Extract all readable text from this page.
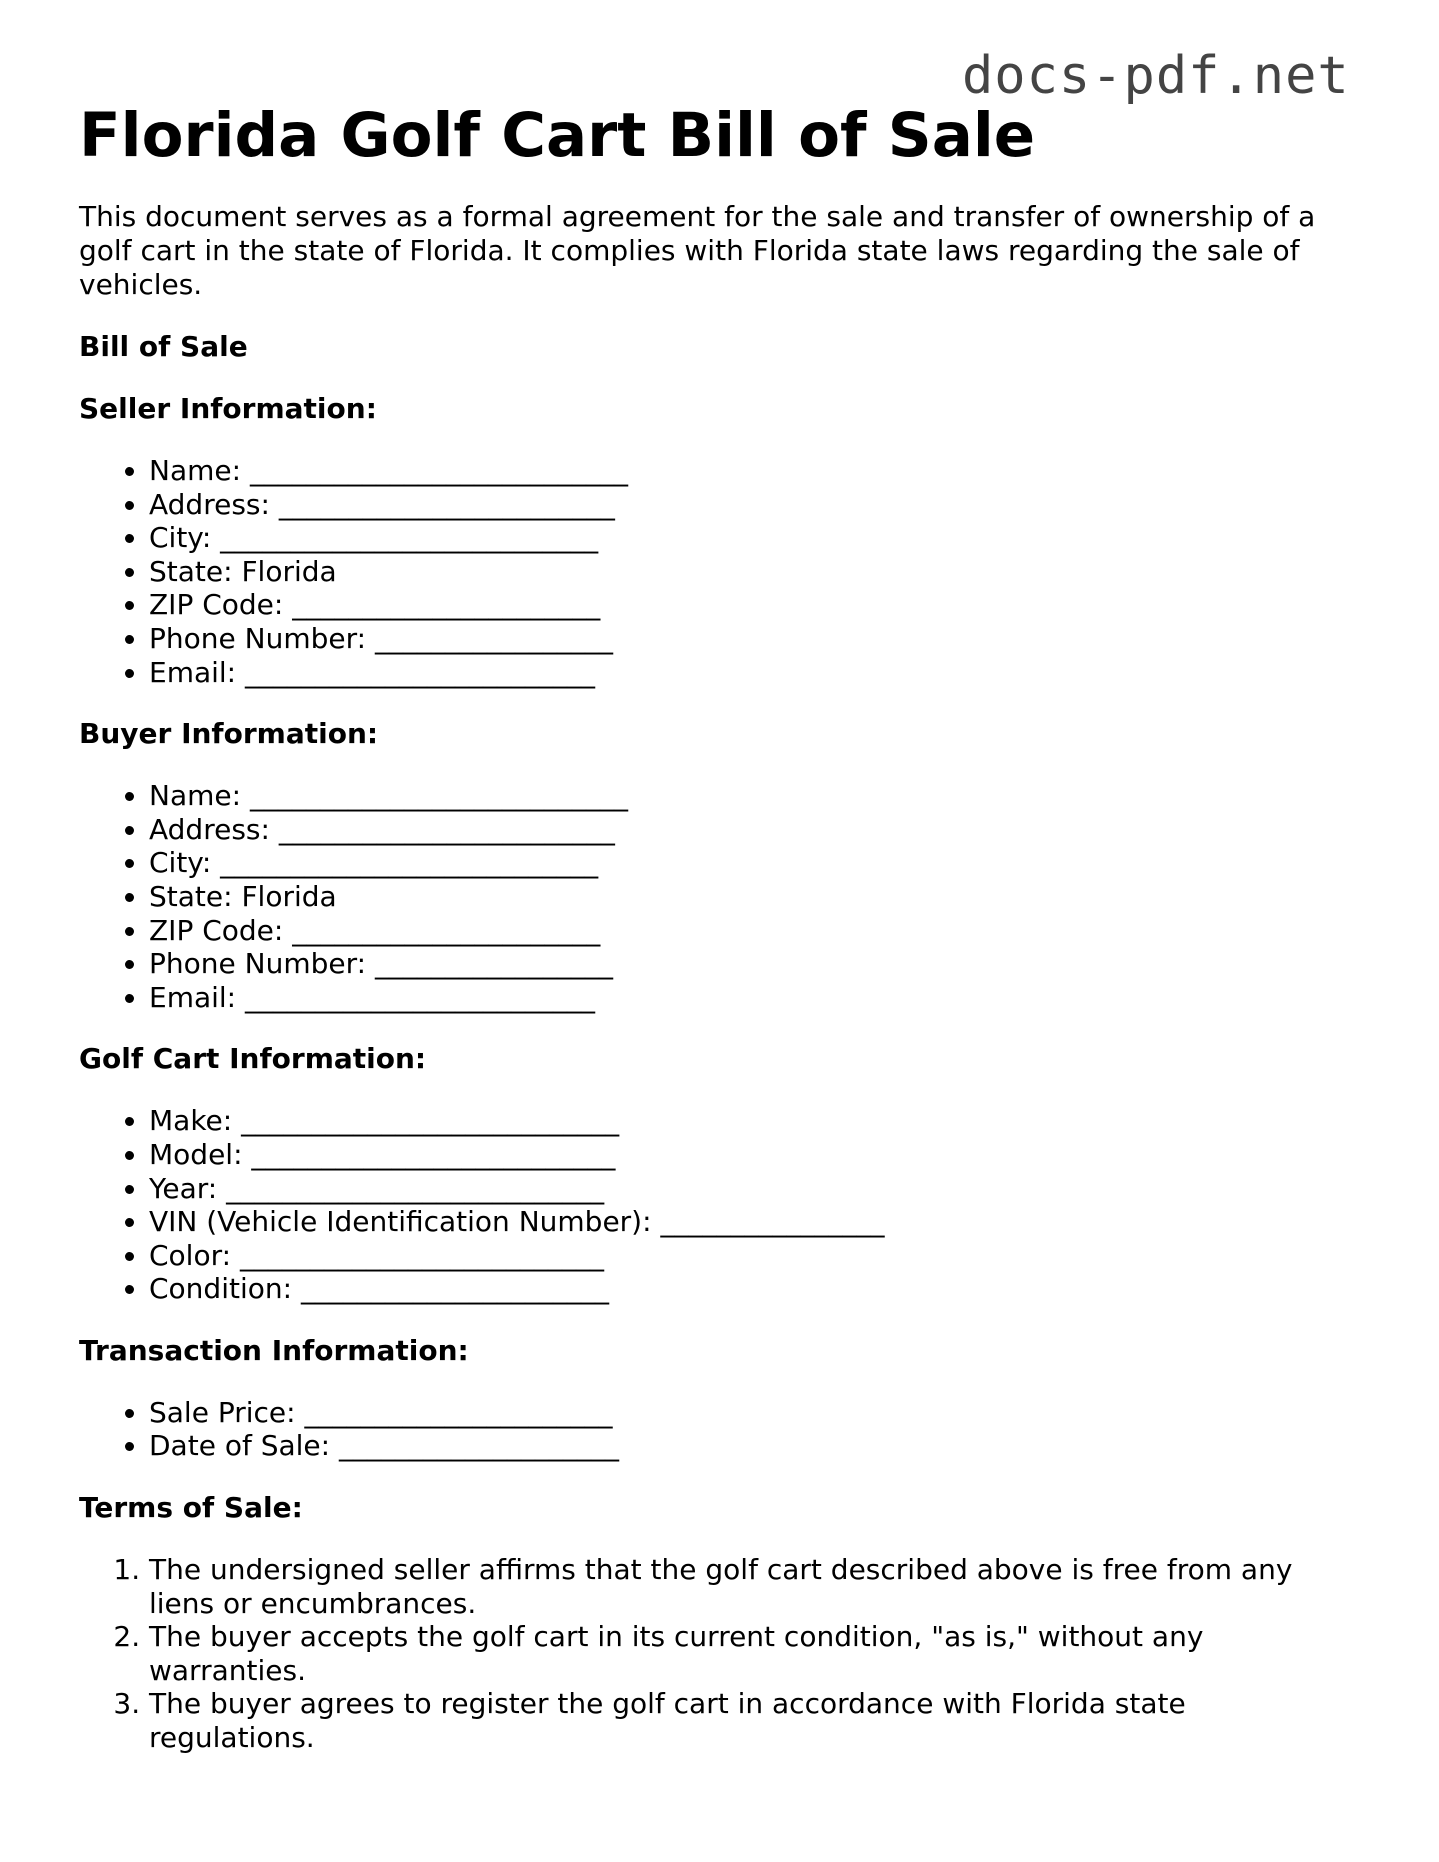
docs-pdf.net
Florida Golf Cart Bill of Sale

This document serves as a formal agreement for the sale and transfer of ownership of a golf cart in the state of Florida. It complies with Florida state laws regarding the sale of vehicles.

Bill of Sale

Seller Information:

• Name: ___________________________
• Address: ________________________
• City: ___________________________
• State: Florida
• ZIP Code: ______________________
• Phone Number: _________________
• Email: _________________________

Buyer Information:

• Name: ___________________________
• Address: ________________________
• City: ___________________________
• State: Florida
• ZIP Code: ______________________
• Phone Number: _________________
• Email: _________________________

Golf Cart Information:

• Make: ___________________________
• Model: __________________________
• Year: ___________________________
• VIN (Vehicle Identification Number): ________________
• Color: __________________________
• Condition: ______________________

Transaction Information:

• Sale Price: ______________________
• Date of Sale: ____________________

Terms of Sale:

1. The undersigned seller affirms that the golf cart described above is free from any liens or encumbrances.
2. The buyer accepts the golf cart in its current condition, "as is," without any warranties.
3. The buyer agrees to register the golf cart in accordance with Florida state regulations.
